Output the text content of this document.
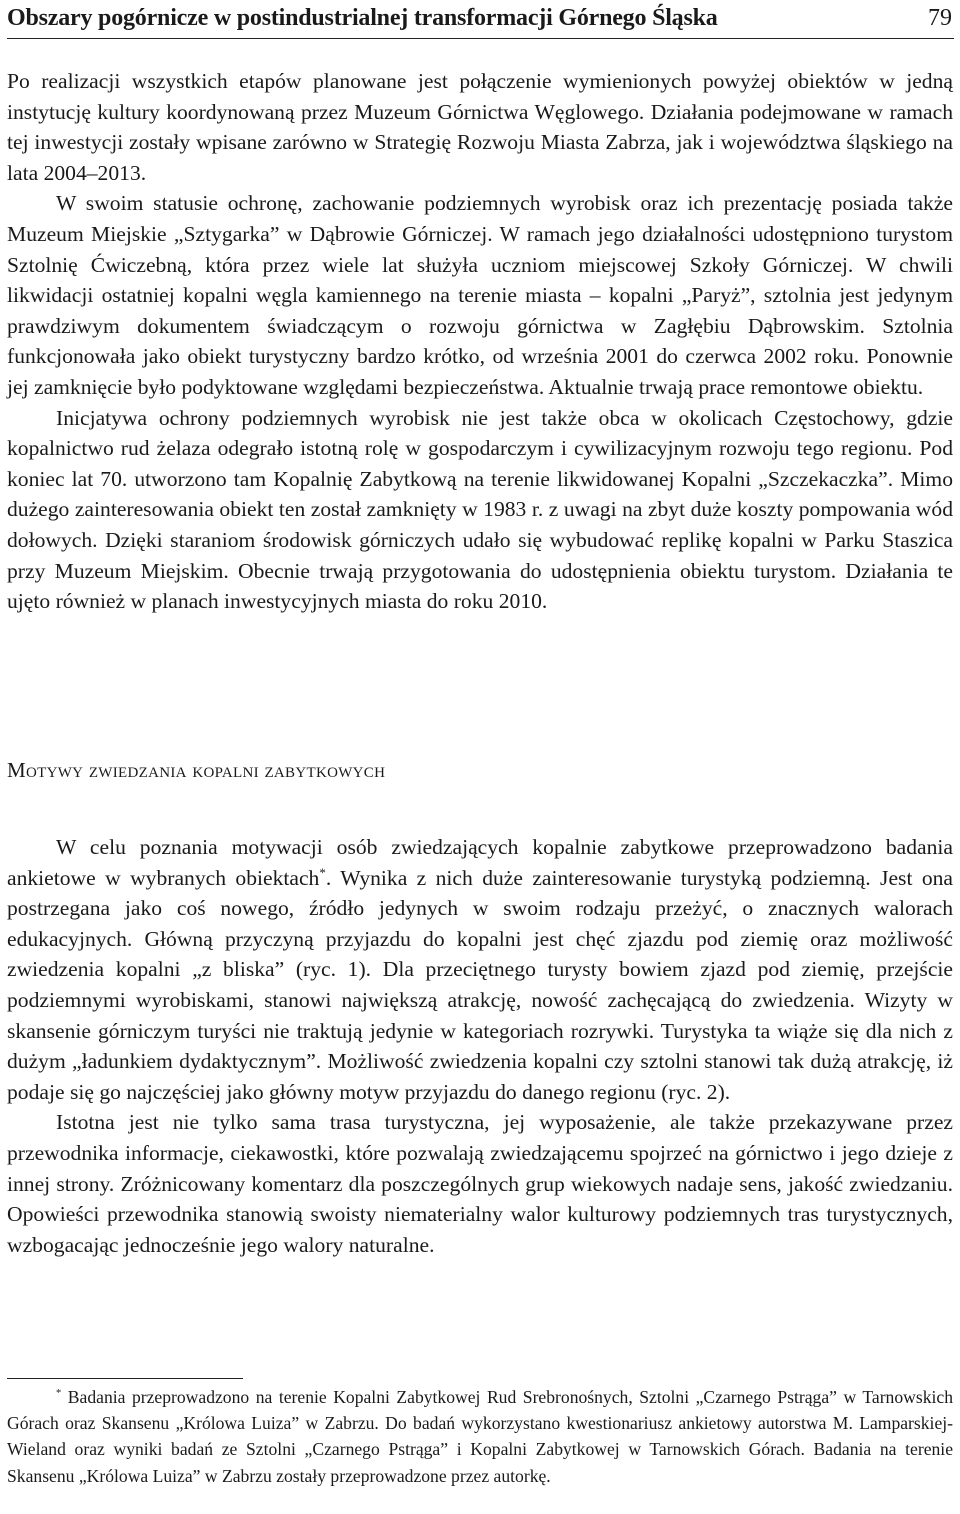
Obszary pogórnicze w postindustrialnej transformacji Górnego Śląska	79

Po realizacji wszystkich etapów planowane jest połączenie wymienionych powyżej obiektów w jedną instytucję kultury koordynowaną przez Muzeum Górnictwa Węglowego. Działania podejmowane w ramach tej inwestycji zostały wpisane zarówno w Strategię Rozwoju Miasta Zabrza, jak i województwa śląskiego na lata 2004–2013.

W swoim statusie ochronę, zachowanie podziemnych wyrobisk oraz ich prezentację posiada także Muzeum Miejskie „Sztygarka” w Dąbrowie Górniczej. W ramach jego działalności udostępniono turystom Sztolnię Ćwiczebną, która przez wiele lat służyła uczniom miejscowej Szkoły Górniczej. W chwili likwidacji ostatniej kopalni węgla kamiennego na terenie miasta – kopalni „Paryż”, sztolnia jest jedynym prawdziwym dokumentem świadczącym o rozwoju górnictwa w Zagłębiu Dąbrowskim. Sztolnia funkcjonowała jako obiekt turystyczny bardzo krótko, od września 2001 do czerwca 2002 roku. Ponownie jej zamknięcie było podyktowane względami bezpieczeństwa. Aktualnie trwają prace remontowe obiektu.

Inicjatywa ochrony podziemnych wyrobisk nie jest także obca w okolicach Częstochowy, gdzie kopalnictwo rud żelaza odegrało istotną rolę w gospodarczym i cywilizacyjnym rozwoju tego regionu. Pod koniec lat 70. utworzono tam Kopalnię Zabytkową na terenie likwidowanej Kopalni „Szczekaczka”. Mimo dużego zainteresowania obiekt ten został zamknięty w 1983 r. z uwagi na zbyt duże koszty pompowania wód dołowych. Dzięki staraniom środowisk górniczych udało się wybudować replikę kopalni w Parku Staszica przy Muzeum Miejskim. Obecnie trwają przygotowania do udostępnienia obiektu turystom. Działania te ujęto również w planach inwestycyjnych miasta do roku 2010.

Motywy zwiedzania kopalni zabytkowych

W celu poznania motywacji osób zwiedzających kopalnie zabytkowe przeprowadzono badania ankietowe w wybranych obiektach*. Wynika z nich duże zainteresowanie turystyką podziemną. Jest ona postrzegana jako coś nowego, źródło jedynych w swoim rodzaju przeżyć, o znacznych walorach edukacyjnych. Główną przyczyną przyjazdu do kopalni jest chęć zjazdu pod ziemię oraz możliwość zwiedzenia kopalni „z bliska” (ryc. 1). Dla przeciętnego turysty bowiem zjazd pod ziemię, przejście podziemnymi wyrobiskami, stanowi największą atrakcję, nowość zachęcającą do zwiedzenia. Wizyty w skansenie górniczym turyści nie traktują jedynie w kategoriach rozrywki. Turystyka ta wiąże się dla nich z dużym „ładunkiem dydaktycznym”. Możliwość zwiedzenia kopalni czy sztolni stanowi tak dużą atrakcję, iż podaje się go najczęściej jako główny motyw przyjazdu do danego regionu (ryc. 2).

Istotna jest nie tylko sama trasa turystyczna, jej wyposażenie, ale także przekazywane przez przewodnika informacje, ciekawostki, które pozwalają zwiedzającemu spojrzeć na górnictwo i jego dzieje z innej strony. Zróżnicowany komentarz dla poszczególnych grup wiekowych nadaje sens, jakość zwiedzaniu. Opowieści przewodnika stanowią swoisty niematerialny walor kulturowy podziemnych tras turystycznych, wzbogacając jednocześnie jego walory naturalne.

* Badania przeprowadzono na terenie Kopalni Zabytkowej Rud Srebronośnych, Sztolni „Czarnego Pstrąga” w Tarnowskich Górach oraz Skansenu „Królowa Luiza” w Zabrzu. Do badań wykorzystano kwestionariusz ankietowy autorstwa M. Lamparskiej-Wieland oraz wyniki badań ze Sztolni „Czarnego Pstrąga” i Kopalni Zabytkowej w Tarnowskich Górach. Badania na terenie Skansenu „Królowa Luiza” w Zabrzu zostały przeprowadzone przez autorkę.
